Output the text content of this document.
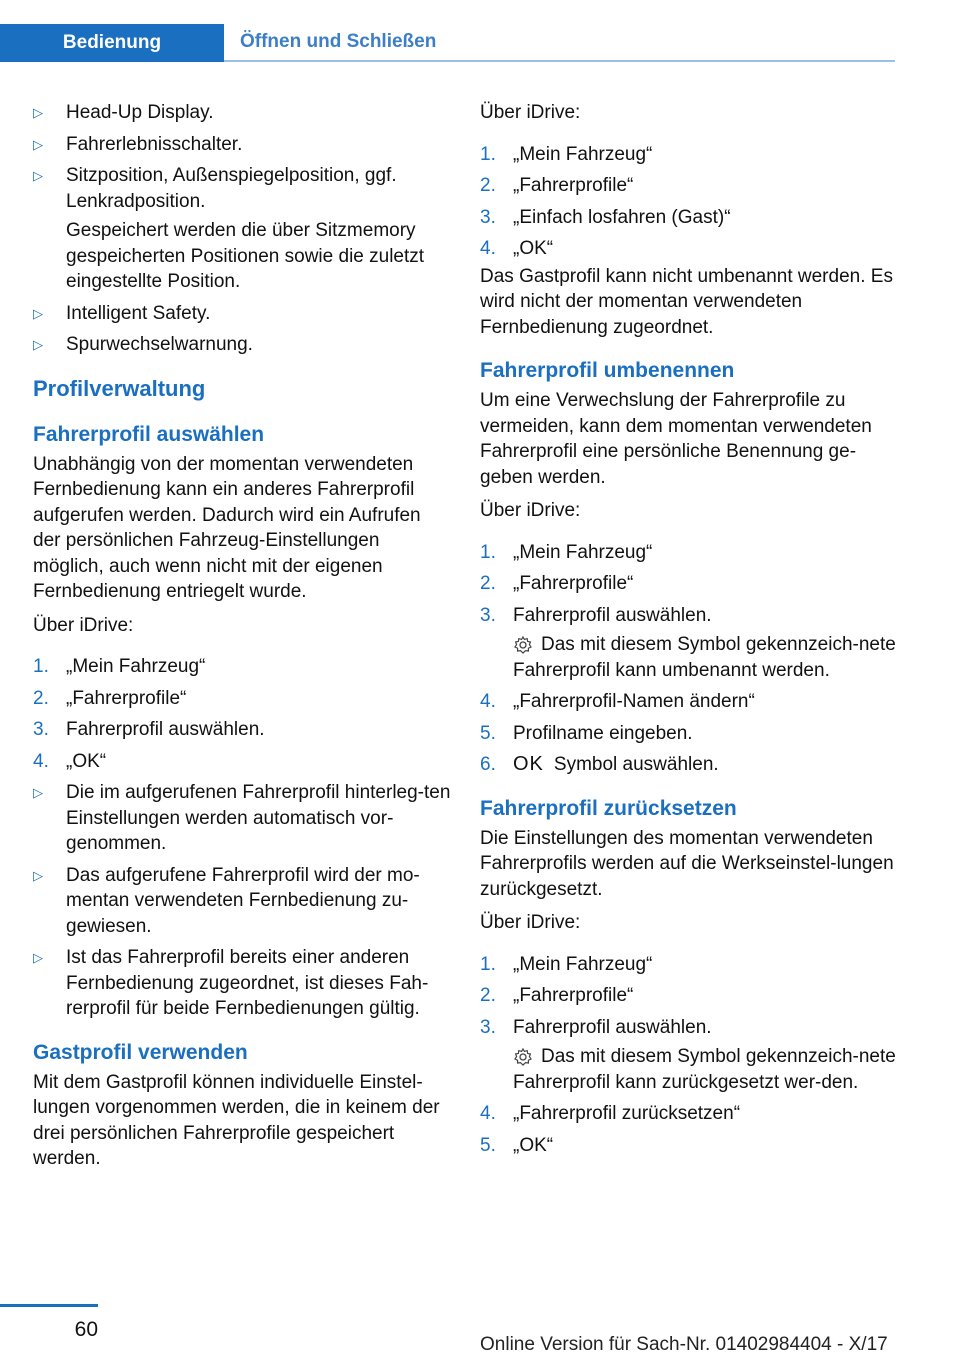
Bedienung	Öffnen und Schließen
▷ Head-Up Display.
▷ Fahrerlebnisschalter.
▷ Sitzposition, Außenspiegelposition, ggf. Lenkradposition.
Gespeichert werden die über Sitzmemory gespeicherten Positionen sowie die zuletzt eingestellte Position.
▷ Intelligent Safety.
▷ Spurwechselwarnung.
Profilverwaltung
Fahrerprofil auswählen
Unabhängig von der momentan verwendeten Fernbedienung kann ein anderes Fahrerprofil aufgerufen werden. Dadurch wird ein Aufrufen der persönlichen Fahrzeug-Einstellungen möglich, auch wenn nicht mit der eigenen Fernbedienung entriegelt wurde.
Über iDrive:
1. „Mein Fahrzeug“
2. „Fahrerprofile“
3. Fahrerprofil auswählen.
4. „OK“
▷ Die im aufgerufenen Fahrerprofil hinterleg‐ten Einstellungen werden automatisch vor‐genommen.
▷ Das aufgerufene Fahrerprofil wird der mo‐mentan verwendeten Fernbedienung zu‐gewiesen.
▷ Ist das Fahrerprofil bereits einer anderen Fernbedienung zugeordnet, ist dieses Fah‐rerprofil für beide Fernbedienungen gültig.
Gastprofil verwenden
Mit dem Gastprofil können individuelle Einstel‐lungen vorgenommen werden, die in keinem der drei persönlichen Fahrerprofile gespeichert werden.
Über iDrive:
1. „Mein Fahrzeug“
2. „Fahrerprofile“
3. „Einfach losfahren (Gast)“
4. „OK“
Das Gastprofil kann nicht umbenannt werden. Es wird nicht der momentan verwendeten Fernbedienung zugeordnet.
Fahrerprofil umbenennen
Um eine Verwechslung der Fahrerprofile zu vermeiden, kann dem momentan verwendeten Fahrerprofil eine persönliche Benennung ge‐geben werden.
Über iDrive:
1. „Mein Fahrzeug“
2. „Fahrerprofile“
3. Fahrerprofil auswählen.
Das mit diesem Symbol gekennzeich‐nete Fahrerprofil kann umbenannt werden.
4. „Fahrerprofil-Namen ändern“
5. Profilname eingeben.
6. OK Symbol auswählen.
Fahrerprofil zurücksetzen
Die Einstellungen des momentan verwendeten Fahrerprofils werden auf die Werkseinstel‐lungen zurückgesetzt.
Über iDrive:
1. „Mein Fahrzeug“
2. „Fahrerprofile“
3. Fahrerprofil auswählen.
Das mit diesem Symbol gekennzeich‐nete Fahrerprofil kann zurückgesetzt wer‐den.
4. „Fahrerprofil zurücksetzen“
5. „OK“
60
Online Version für Sach-Nr. 01402984404 - X/17
